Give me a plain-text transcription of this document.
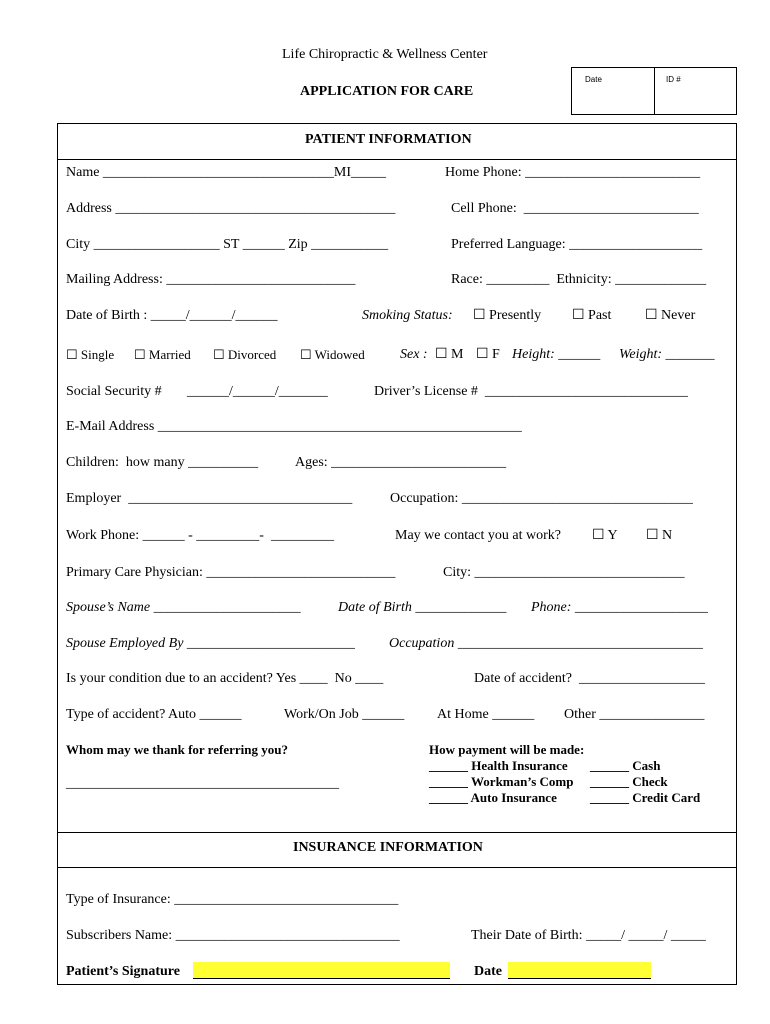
Life Chiropractic & Wellness Center
APPLICATION FOR CARE
Date	ID #
PATIENT INFORMATION
Name _________________________________MI_____	Home Phone: _________________________
Address ________________________________________	Cell Phone:  _________________________
City __________________ ST ______ Zip ___________	Preferred Language: ___________________
Mailing Address: ___________________________	Race: _________  Ethnicity: _____________
Date of Birth : _____/______/______	Smoking Status: ☐ Presently ☐ Past ☐ Never
☐ Single ☐ Married ☐ Divorced ☐ Widowed	Sex : ☐ M ☐ F Height: ______ Weight: _______
Social Security # ______/______/_______	Driver’s License #  _____________________________
E-Mail Address ____________________________________________________
Children:  how many __________	Ages: _________________________
Employer  ________________________________	Occupation: _________________________________
Work Phone: ______ - _________-  _________	May we contact you at work? ☐ Y ☐ N
Primary Care Physician: ___________________________	City: ______________________________
Spouse’s Name _____________________	Date of Birth _____________ Phone: ___________________
Spouse Employed By ________________________ Occupation ___________________________________
Is your condition due to an accident? Yes ____  No ____	Date of accident?  __________________
Type of accident? Auto ______	Work/On Job ______ At Home ______ Other _______________
Whom may we thank for referring you?
_______________________________________
How payment will be made:
______ Health Insurance ______ Cash
______ Workman’s Comp ______ Check
______ Auto Insurance	______ Credit Card
INSURANCE INFORMATION
Type of Insurance: ________________________________
Subscribers Name: ________________________________	Their Date of Birth: _____/ _____/ _____
Patient’s Signature	Date
